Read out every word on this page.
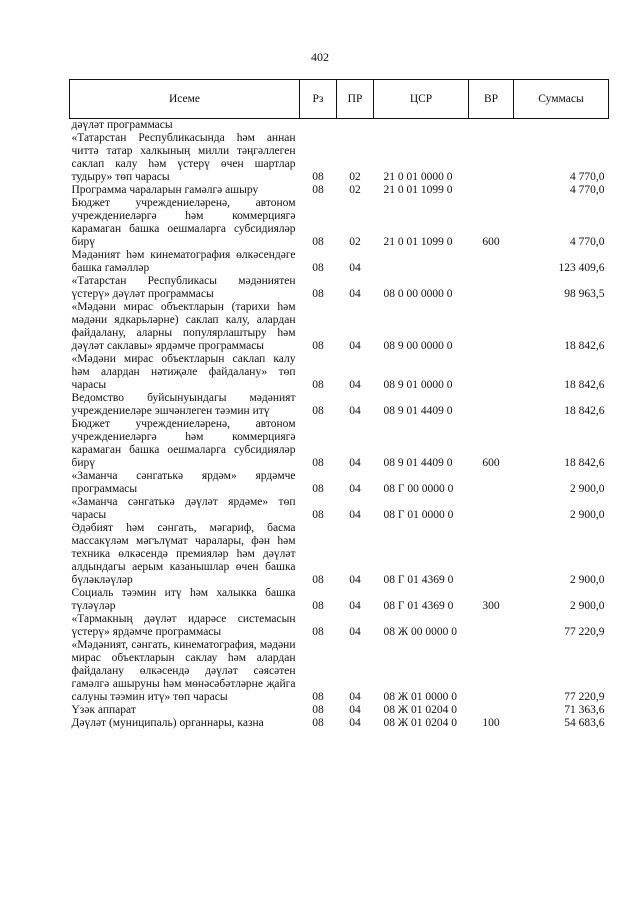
402
Исеме	Рз	ПР	ЦСР	ВР	Суммасы
дәүләт программасы					
«Татарстан Республикасында һәм аннан читтә татар халкының милли тәңгәллеген саклап калу һәм үстерү өчен шартлар тудыру» төп чарасы	08	02	21 0 01 0000 0		4 770,0
Программа чараларын гамәлгә ашыру	08	02	21 0 01 1099 0		4 770,0
Бюджет учреждениеләренә, автоном учреждениеләргә һәм коммерциягә карамаган башка оешмаларга субсидияләр бирү	08	02	21 0 01 1099 0	600	4 770,0
Мәдәният һәм кинематография өлкәсендәге башка гамәлләр	08	04			123 409,6
«Татарстан Республикасы мәдәниятен үстерү» дәүләт программасы	08	04	08 0 00 0000 0		98 963,5
«Мәдәни мирас объектларын (тарихи һәм мәдәни ядкарьләрне) саклап калу, алардан файдалану, аларны популярлаштыру һәм дәүләт саклавы» ярдәмче программасы	08	04	08 9 00 0000 0		18 842,6
«Мәдәни мирас объектларын саклап калу һәм алардан нәтиҗәле файдалану» төп чарасы	08	04	08 9 01 0000 0		18 842,6
Ведомство буйсынуындагы мәдәният учреждениеләре эшчәнлеген тәэмин итү	08	04	08 9 01 4409 0		18 842,6
Бюджет учреждениеләренә, автоном учреждениеләргә һәм коммерциягә карамаган башка оешмаларга субсидияләр бирү	08	04	08 9 01 4409 0	600	18 842,6
«Заманча сәнгатькә ярдәм» ярдәмче программасы	08	04	08 Г 00 0000 0		2 900,0
«Заманча сәнгатькә дәүләт ярдәме» төп чарасы	08	04	08 Г 01 0000 0		2 900,0
Әдәбият һәм сәнгать, мәгариф, басма массакүләм мәгълүмат чаралары, фән һәм техника өлкәсендә премияләр һәм дәүләт алдындагы аерым казанышлар өчен башка бүләкләүләр	08	04	08 Г 01 4369 0		2 900,0
Социаль тәэмин итү һәм халыкка башка түләүләр	08	04	08 Г 01 4369 0	300	2 900,0
«Тармакның дәүләт идарәсе системасын үстерү» ярдәмче программасы	08	04	08 Ж 00 0000 0		77 220,9
«Мәдәният, сәнгать, кинематография, мәдәни мирас объектларын саклау һәм алардан файдалану өлкәсендә дәүләт сәясәтен гамәлгә ашыруны һәм мөнәсәбәтләрне җайга салуны тәэмин итү» төп чарасы	08	04	08 Ж 01 0000 0		77 220,9
Үзәк аппарат	08	04	08 Ж 01 0204 0		71 363,6
Дәүләт (муниципаль) органнары, казна	08	04	08 Ж 01 0204 0	100	54 683,6
